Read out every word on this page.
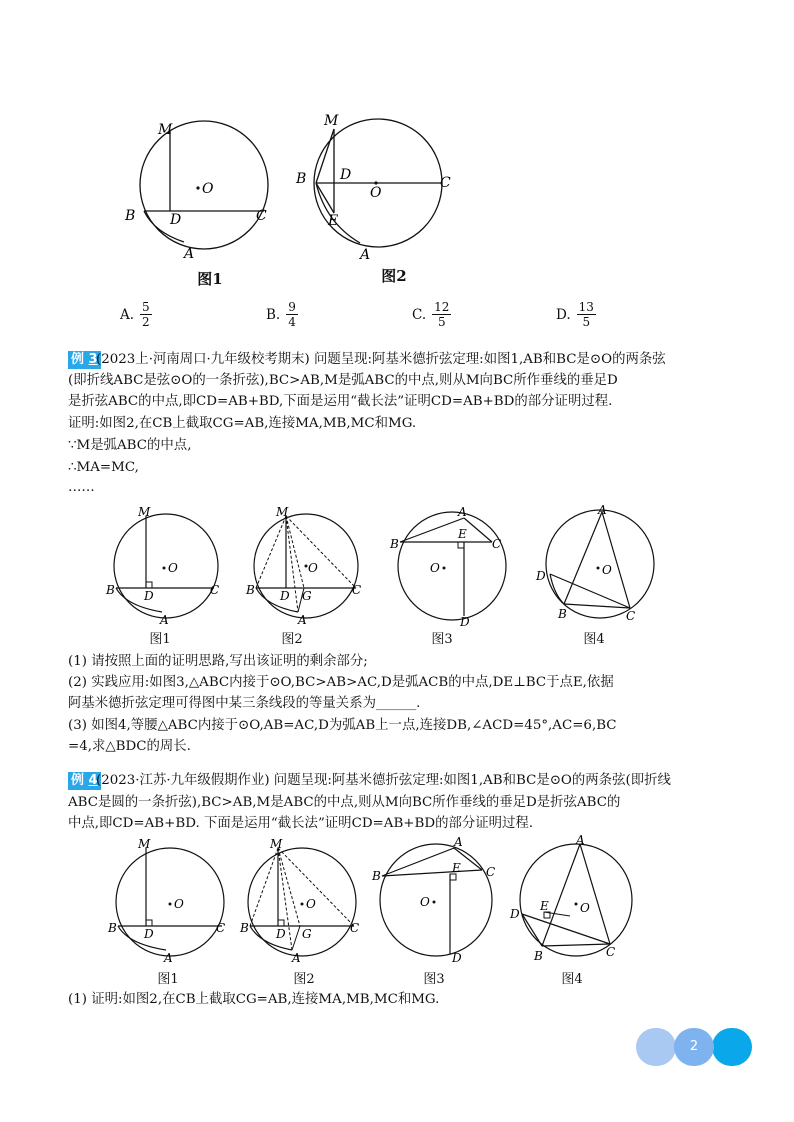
M
O
B D	C
A
图1
M
B D
O
C
E
A
图2
A. $\frac{5}{2}$	B. $\frac{9}{4}$	C. $\frac{12}{5}$	D. $\frac{13}{5}$
例 3
(2023上·河南周口·九年级校考期末) 问题呈现:阿基米德折弦定理:如图1,AB和BC是⊙O的两条弦
(即折线ABC是弦⊙O的一条折弦),BC>AB,M是弧ABC的中点,则从M向BC所作垂线的垂足D
是折弦ABC的中点,即CD=AB+BD,下面是运用“截长法”证明CD=AB+BD的部分证明过程.
证明:如图2,在CB上截取CG=AB,连接MA,MB,MC和MG.
∵M是弧ABC的中点,
∴MA=MC,
……
M
O
B D	C
A
图1
M
O
B D G	C
A
图2
A
B
E
C
O
D
图3
A
O
D
B	C
图4
(1) 请按照上面的证明思路,写出该证明的剩余部分;
(2) 实践应用:如图3,△ABC内接于⊙O,BC>AB>AC,D是弧ACB的中点,DE⊥BC于点E,依据
阿基米德折弦定理可得图中某三条线段的等量关系为______.
(3) 如图4,等腰△ABC内接于⊙O,AB=AC,D为弧AB上一点,连接DB,∠ACD=45°,AC=6,BC
=4,求△BDC的周长.
例 4
(2023·江苏·九年级假期作业) 问题呈现:阿基米德折弦定理:如图1,AB和BC是⊙O的两条弦(即折线
ABC是圆的一条折弦),BC>AB,M是ABC的中点,则从M向BC所作垂线的垂足D是折弦ABC的
中点,即CD=AB+BD. 下面是运用“截长法”证明CD=AB+BD的部分证明过程.
M
O
B D	C
A
图1
M
O
B D G	C
A
图2
A
B
E C
O
D
图3
A
O
D
E
B	C
图4
(1) 证明:如图2,在CB上截取CG=AB,连接MA,MB,MC和MG.
2
